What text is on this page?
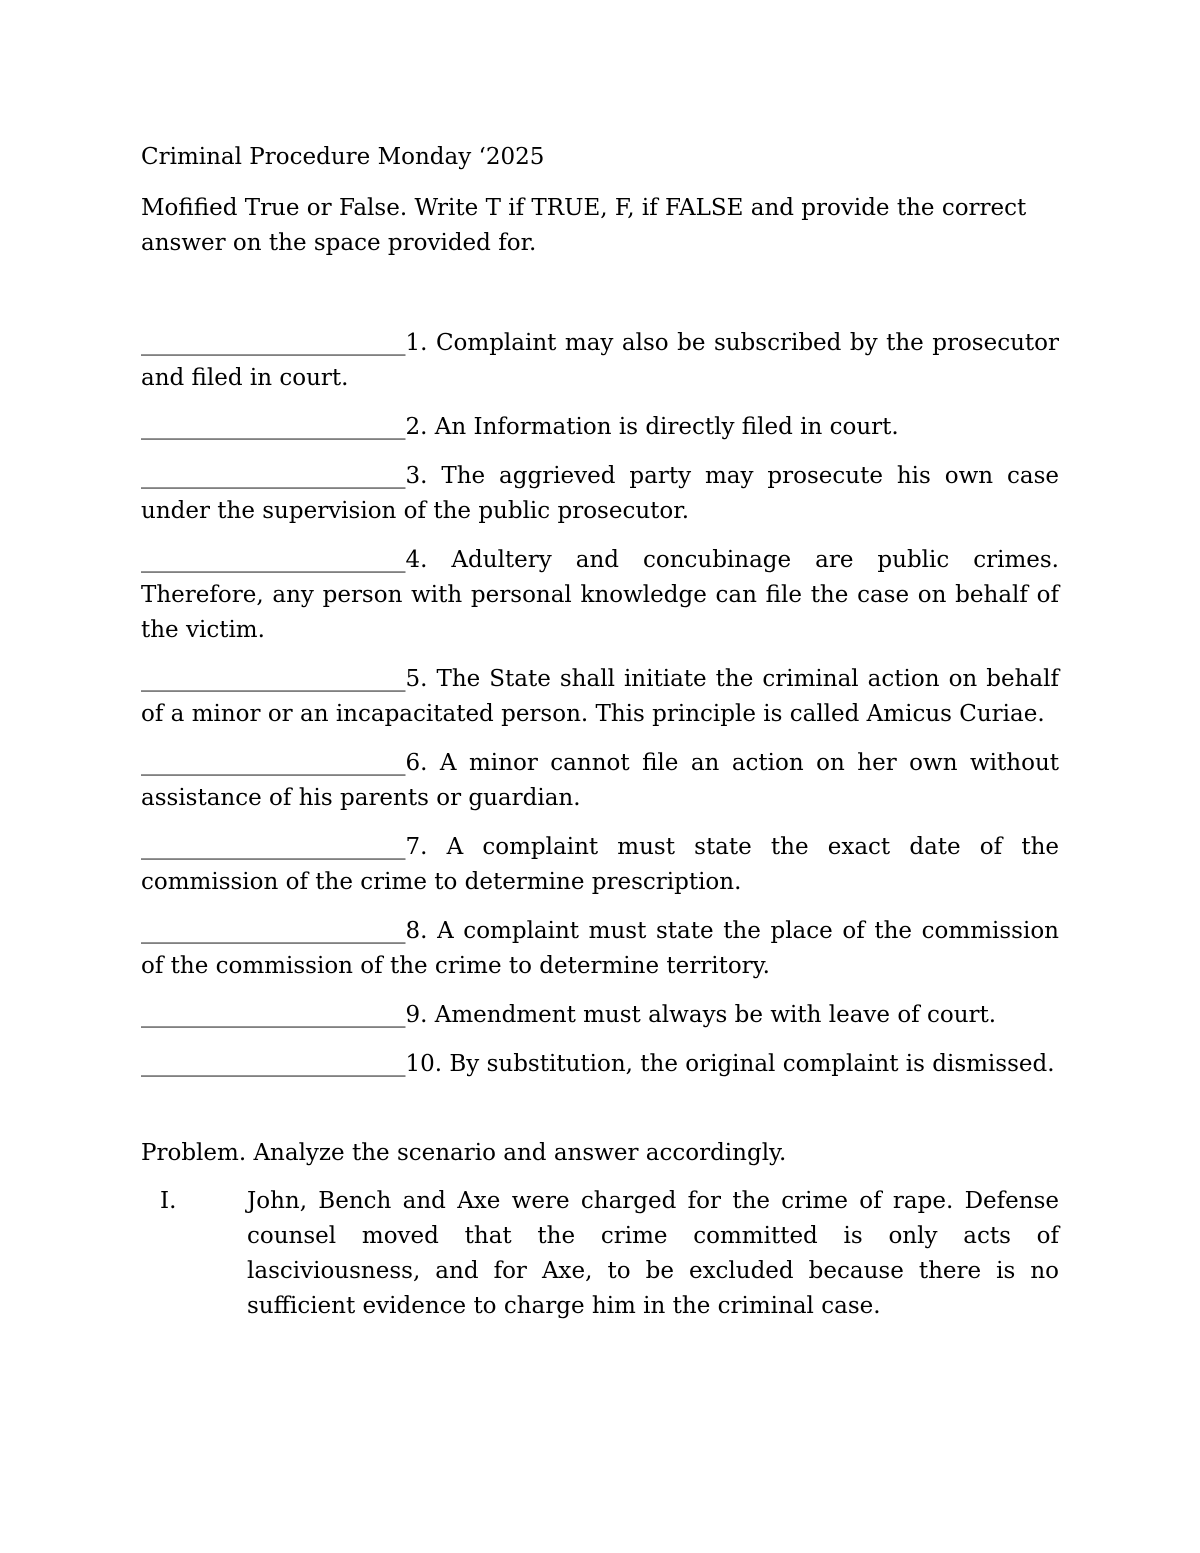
Criminal Procedure Monday ‘2025

Mofified True or False. Write T if TRUE, F, if FALSE and provide the correct answer on the space provided for.

_______________________1. Complaint may also be subscribed by the prosecutor and filed in court.

_______________________2. An Information is directly filed in court.

_______________________3. The aggrieved party may prosecute his own case under the supervision of the public prosecutor.

_______________________4. Adultery and concubinage are public crimes. Therefore, any person with personal knowledge can file the case on behalf of the victim.

_______________________5. The State shall initiate the criminal action on behalf of a minor or an incapacitated person. This principle is called Amicus Curiae.

_______________________6. A minor cannot file an action on her own without assistance of his parents or guardian.

_______________________7. A complaint must state the exact date of the commission of the crime to determine prescription.

_______________________8. A complaint must state the place of the commission of the commission of the crime to determine territory.

_______________________9. Amendment must always be with leave of court.

_______________________10. By substitution, the original complaint is dismissed.

Problem. Analyze the scenario and answer accordingly.

I.	John, Bench and Axe were charged for the crime of rape. Defense counsel moved that the crime committed is only acts of lasciviousness, and for Axe, to be excluded because there is no sufficient evidence to charge him in the criminal case.
